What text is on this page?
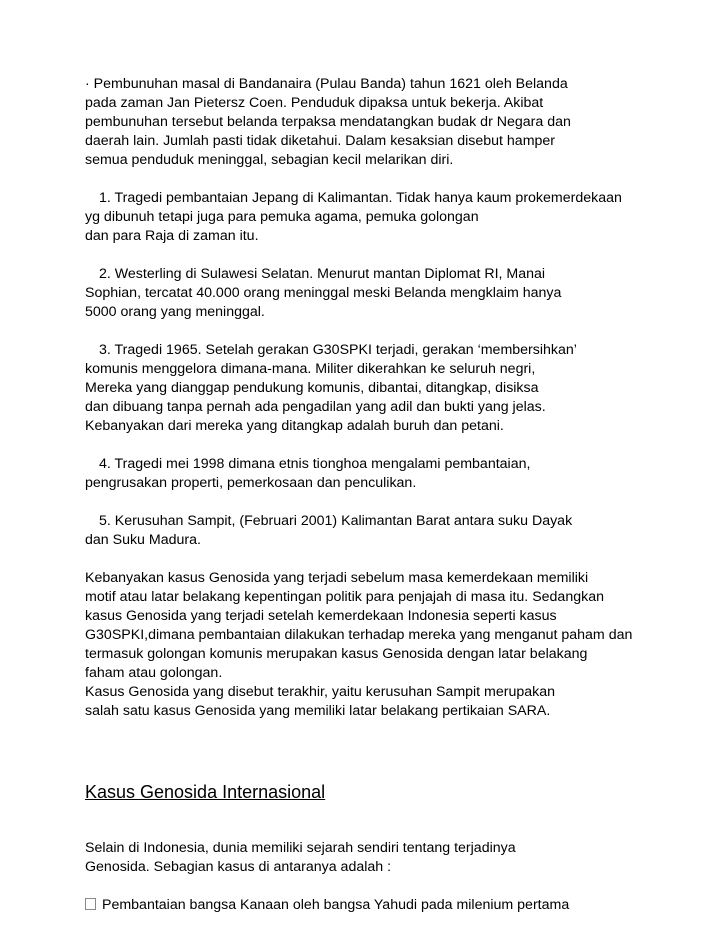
· Pembunuhan masal di Bandanaira (Pulau Banda) tahun 1621 oleh Belanda
pada zaman Jan Pietersz Coen. Penduduk dipaksa untuk bekerja. Akibat
pembunuhan tersebut belanda terpaksa mendatangkan budak dr Negara dan
daerah lain. Jumlah pasti tidak diketahui. Dalam kesaksian disebut hamper
semua penduduk meninggal, sebagian kecil melarikan diri.
1. Tragedi pembantaian Jepang di Kalimantan. Tidak hanya kaum prokemerdekaan
yg dibunuh tetapi juga para pemuka agama, pemuka golongan
dan para Raja di zaman itu.
2. Westerling di Sulawesi Selatan. Menurut mantan Diplomat RI, Manai
Sophian, tercatat 40.000 orang meninggal meski Belanda mengklaim hanya
5000 orang yang meninggal.
3. Tragedi 1965. Setelah gerakan G30SPKI terjadi, gerakan ‘membersihkan’
komunis menggelora dimana-mana. Militer dikerahkan ke seluruh negri,
Mereka yang dianggap pendukung komunis, dibantai, ditangkap, disiksa
dan dibuang tanpa pernah ada pengadilan yang adil dan bukti yang jelas.
Kebanyakan dari mereka yang ditangkap adalah buruh dan petani.
4. Tragedi mei 1998 dimana etnis tionghoa mengalami pembantaian,
pengrusakan properti, pemerkosaan dan penculikan.
5. Kerusuhan Sampit, (Februari 2001) Kalimantan Barat antara suku Dayak
dan Suku Madura.
Kebanyakan kasus Genosida yang terjadi sebelum masa kemerdekaan memiliki
motif atau latar belakang kepentingan politik para penjajah di masa itu. Sedangkan
kasus Genosida yang terjadi setelah kemerdekaan Indonesia seperti kasus
G30SPKI,dimana pembantaian dilakukan terhadap mereka yang menganut paham dan
termasuk golongan komunis merupakan kasus Genosida dengan latar belakang
faham atau golongan.
Kasus Genosida yang disebut terakhir, yaitu kerusuhan Sampit merupakan
salah satu kasus Genosida yang memiliki latar belakang pertikaian SARA.
Kasus Genosida Internasional
Selain di Indonesia, dunia memiliki sejarah sendiri tentang terjadinya
Genosida. Sebagian kasus di antaranya adalah :
Pembantaian bangsa Kanaan oleh bangsa Yahudi pada milenium pertama
